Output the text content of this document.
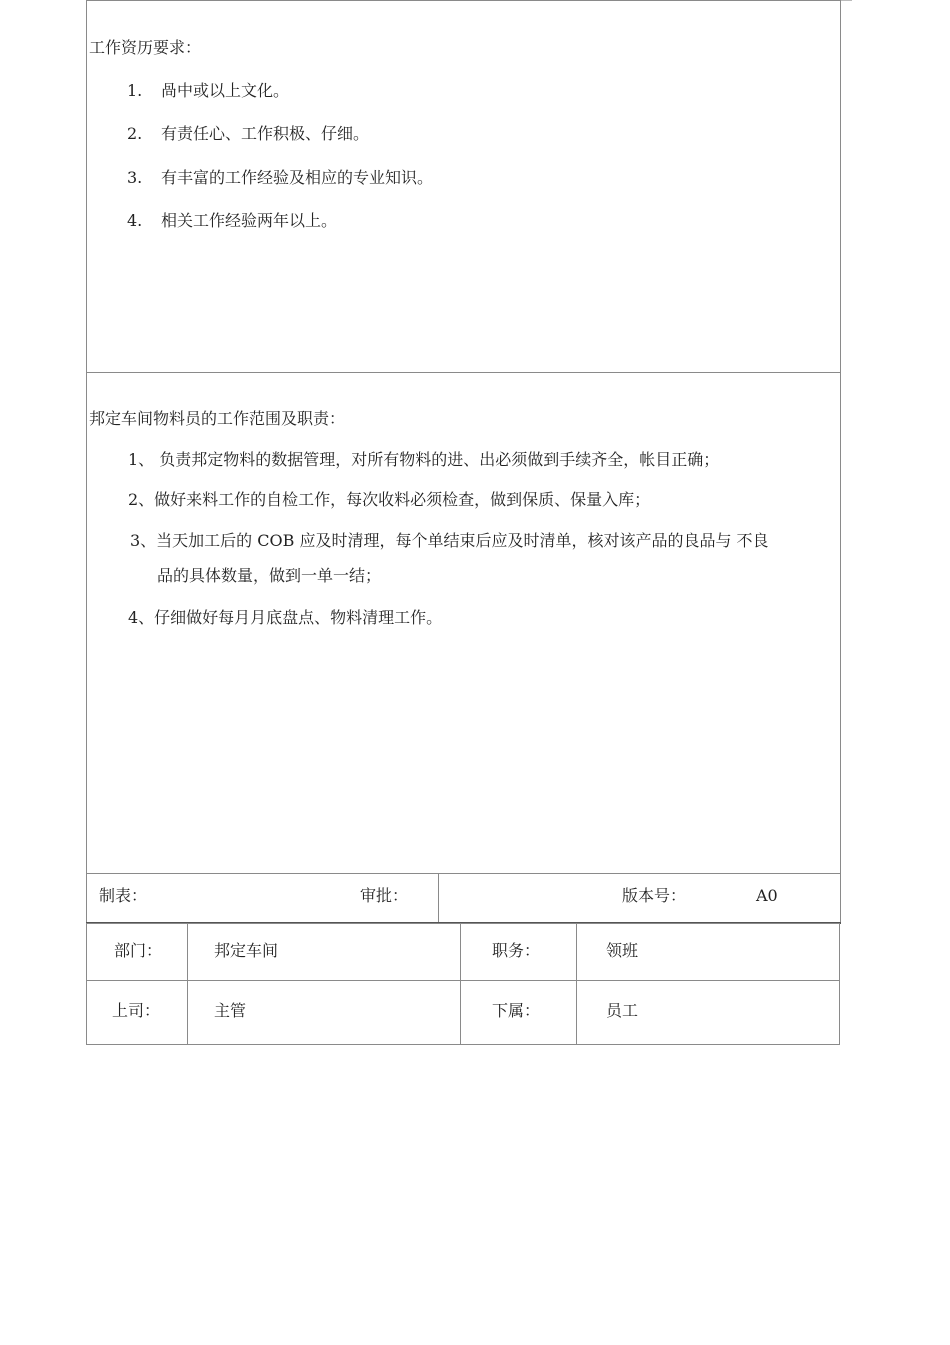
工作资历要求：
1. 咼中或以上文化。
2. 有责任心、工作积极、仔细。
3. 有丰富的工作经验及相应的专业知识。
4. 相关工作经验两年以上。
邦定车间物料员的工作范围及职责：
1、 负责邦定物料的数据管理，对所有物料的进、出必须做到手续齐全，帐目正确；
2、做好来料工作的自检工作，每次收料必须检查，做到保质、保量入库；
3、当天加工后的 COB 应及时清理，每个单结束后应及时清单，核对该产品的良品与 不良
品的具体数量，做到一单一结；
4、仔细做好每月月底盘点、物料清理工作。
制表：	审批：	版本号：	A0
部门：	邦定车间	职务：	领班
上司：	主管	下属：	员工
